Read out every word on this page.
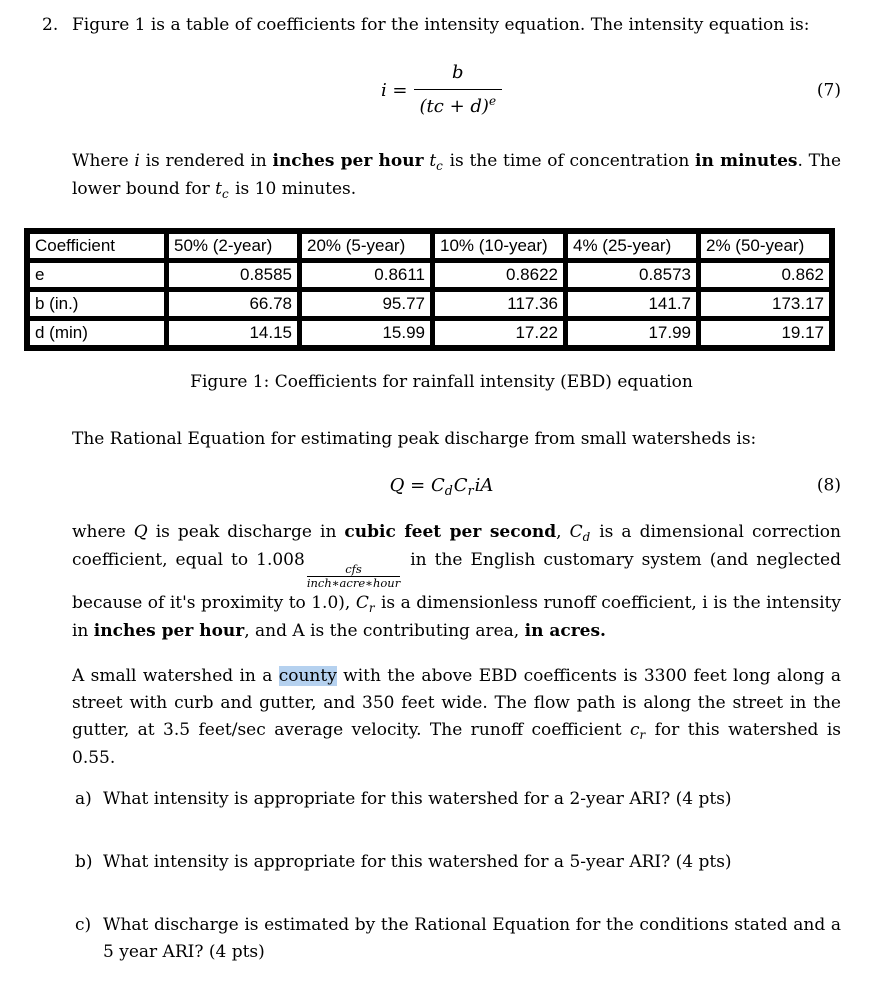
2. Figure 1 is a table of coefficients for the intensity equation. The intensity equation is:
$i = \frac{b}{(tc + d)^e}$	(7)

Where i is rendered in inches per hour $t_c$ is the time of concentration in minutes. The lower bound for $t_c$ is 10 minutes.

Coefficient	50% (2-year)	20% (5-year)	10% (10-year)	4% (25-year)	2% (50-year)
e	0.8585	0.8611	0.8622	0.8573	0.862
b (in.)	66.78	95.77	117.36	141.7	173.17
d (min)	14.15	15.99	17.22	17.99	19.17

Figure 1: Coefficients for rainfall intensity (EBD) equation

The Rational Equation for estimating peak discharge from small watersheds is:

$Q = C_dC_riA$	(8)

where Q is peak discharge in cubic feet per second, $C_d$ is a dimensional correction coefficient, equal to 1.008
$\frac{\text{cfs}}{\text{inch∗acre∗hour}}$
in the English customary system (and neglected because of it's proximity to 1.0), $C_r$ is a dimensionless runoff coefficient, i is the intensity in inches per hour, and A is the contributing area, in acres.

A small watershed in a county with the above EBD coefficents is 3300 feet long along a street with curb and gutter, and 350 feet wide. The flow path is along the street in the gutter, at 3.5 feet/sec average velocity. The runoff coefficient $c_r$ for this watershed is 0.55.

a) What intensity is appropriate for this watershed for a 2-year ARI? (4 pts)
b) What intensity is appropriate for this watershed for a 5-year ARI? (4 pts)
c) What discharge is estimated by the Rational Equation for the conditions stated and a 5 year ARI? (4 pts)
